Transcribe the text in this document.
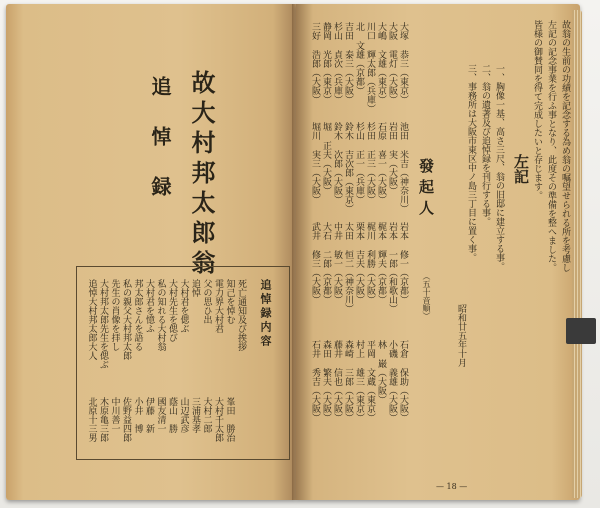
故大村邦太郎翁
追悼録
追悼録内容
死亡通知及び挨拶
知己を悼む
峯田　勝治
電力界大村君
大村千太郎
父の思ひ出
大村二郎
追悼
三浦基孝
大村君を偲ぶ
山辺武彦
大村先生を偲び
蔭山　勝
私の知れる大村翁
國友清一
大村君を憶ふ
伊藤　新
邦太郎さんを語る
小井　博
私の親父大村邦太郎
佐野益四郎
先生の肖像を拝し
中川善一
大村邦太郎先生を偲ぶ
木原亀三郎
追悼大村邦太郎大人
北原十三男
左記
昭和廿五年十月
發起人
（五十音順）
— 18 —
故翁の生前の功績を記念する為め翁の嘱望せられる所を考慮し
左記の記念事業を行ふ事となり、此度その準備を整へました。
皆様の御賛同を得て完成したいと存じます。
一、胸像一基、高さ三尺、翁の旧邸に建立する事。
二、翁の遺著及び追悼録を刊行する事。
三、事務所は大阪市東区中ノ島三丁目に置く事。
大塚 恭三（東京）
池田 米吉（神奈川）
岩本 修一（京都）
石倉 保助（大阪）
大阪 電灯（大阪）
岩田 実（大阪）
岩本 一郎（和歌山）
小磯 義雄（大阪）
大嶋 文雄（東京）
石原 喜一（大阪）
梶本 輝夫（京都）
林 巌（大阪）
川口 輝太郎（兵庫）
杉田 正三（大阪）
梶川 利勝（大阪）
平岡 文蔵（東京）
北 文雄（京都）
杉山 正一（兵庫）
栗本 吉夫（大阪）
村上 雄三（東京）
吉田 泰三（大阪）
鈴木 吉次郎（東京）
太田 恒二（神奈川）
森崎 三郎（大阪）
杉山 貞次（兵庫）
鈴木 次郎（大阪）
中井 敏一（大阪）
藤井 信也（大阪）
静岡 光郎（東京）
堀 正夫（大阪）
大石 二郎（京都）
森田 繁夫（大阪）
三好 浩郎（大阪）
堀川 実三（大阪）
武井 修三（大阪）
石井 秀吉（大阪）
